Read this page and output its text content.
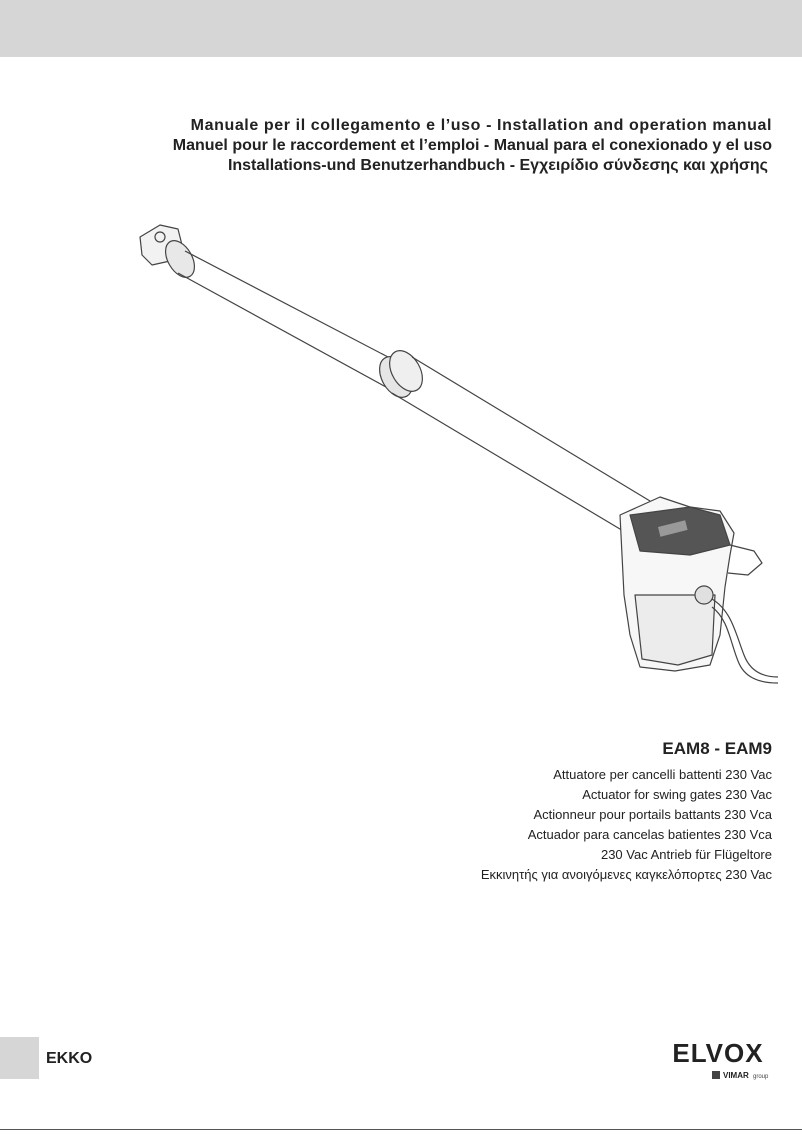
Manuale per il collegamento e l’uso - Installation and operation manual
Manuel pour le raccordement et l’emploi - Manual para el conexionado y el uso
Installations-und Benutzerhandbuch - Εγχειρίδιο σύνδεσης και χρήσης
EAM8 - EAM9
Attuatore per cancelli battenti 230 Vac
Actuator for swing gates 230 Vac
Actionneur pour portails battants 230 Vca
Actuador para cancelas batientes 230 Vca
230 Vac Antrieb für Flügeltore
Εκκινητής για ανοιγόμενες καγκελόπορτες 230 Vac
EKKO	ELVOX
VIMAR group
